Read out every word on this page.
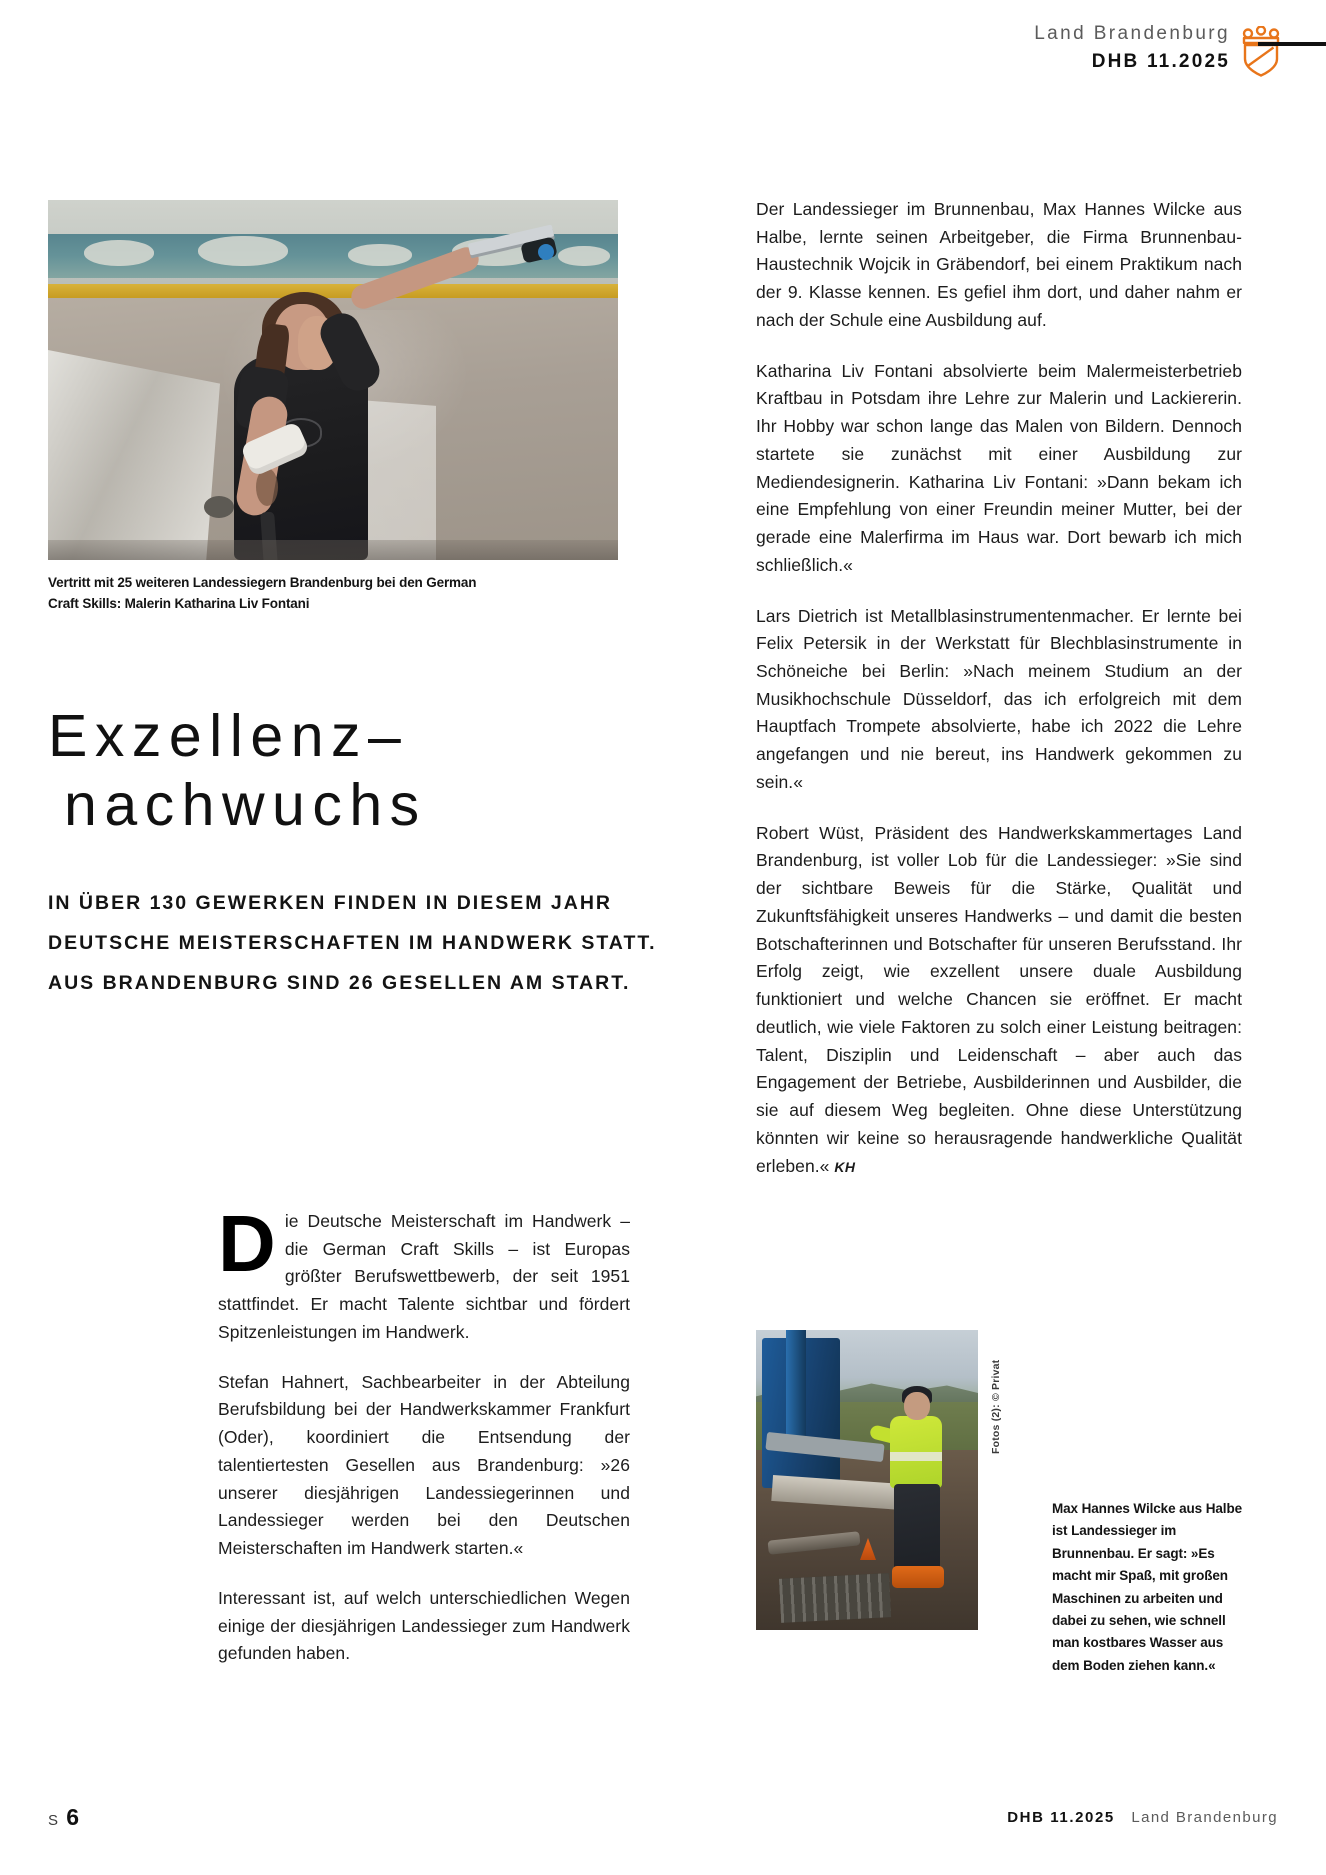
Land Brandenburg
DHB 11.2025
Vertritt mit 25 weiteren Landessiegern Brandenburg bei den German Craft Skills: Malerin Katharina Liv Fontani
Exzellenz–
nachwuchs
IN ÜBER 130 GEWERKEN FINDEN IN DIESEM JAHR
DEUTSCHE MEISTERSCHAFTEN IM HANDWERK STATT.
AUS BRANDENBURG SIND 26 GESELLEN AM START.

Die Deutsche Meisterschaft im Handwerk – die German Craft Skills – ist Europas größter Berufswettbewerb, der seit 1951 stattfindet. Er macht Talente sichtbar und fördert Spitzenleistungen im Handwerk.

Stefan Hahnert, Sachbearbeiter in der Abteilung Berufsbildung bei der Handwerkskammer Frankfurt (Oder), koordiniert die Entsendung der talentiertesten Gesellen aus Brandenburg: »26 unserer diesjährigen Landessiegerinnen und Landessieger werden bei den Deutschen Meisterschaften im Handwerk starten.«

Interessant ist, auf welch unterschiedlichen Wegen einige der diesjährigen Landessieger zum Handwerk gefunden haben.

Der Landessieger im Brunnenbau, Max Hannes Wilcke aus Halbe, lernte seinen Arbeitgeber, die Firma Brunnenbau-Haustechnik Wojcik in Gräbendorf, bei einem Praktikum nach der 9. Klasse kennen. Es gefiel ihm dort, und daher nahm er nach der Schule eine Ausbildung auf.

Katharina Liv Fontani absolvierte beim Malermeisterbetrieb Kraftbau in Potsdam ihre Lehre zur Malerin und Lackiererin. Ihr Hobby war schon lange das Malen von Bildern. Dennoch startete sie zunächst mit einer Ausbildung zur Mediendesignerin. Katharina Liv Fontani: »Dann bekam ich eine Empfehlung von einer Freundin meiner Mutter, bei der gerade eine Malerfirma im Haus war. Dort bewarb ich mich schließlich.«

Lars Dietrich ist Metallblasinstrumentenmacher. Er lernte bei Felix Petersik in der Werkstatt für Blechblasinstrumente in Schöneiche bei Berlin: »Nach meinem Studium an der Musikhochschule Düsseldorf, das ich erfolgreich mit dem Hauptfach Trompete absolvierte, habe ich 2022 die Lehre angefangen und nie bereut, ins Handwerk gekommen zu sein.«

Robert Wüst, Präsident des Handwerkskammertages Land Brandenburg, ist voller Lob für die Landessieger: »Sie sind der sichtbare Beweis für die Stärke, Qualität und Zukunftsfähigkeit unseres Handwerks – und damit die besten Botschafterinnen und Botschafter für unseren Berufsstand. Ihr Erfolg zeigt, wie exzellent unsere duale Ausbildung funktioniert und welche Chancen sie eröffnet. Er macht deutlich, wie viele Faktoren zu solch einer Leistung beitragen: Talent, Disziplin und Leidenschaft – aber auch das Engagement der Betriebe, Ausbilderinnen und Ausbilder, die sie auf diesem Weg begleiten. Ohne diese Unterstützung könnten wir keine so herausragende handwerkliche Qualität erleben.« KH

Fotos (2): © Privat
Max Hannes Wilcke aus Halbe ist Landessieger im Brunnenbau. Er sagt: »Es macht mir Spaß, mit großen Maschinen zu arbeiten und dabei zu sehen, wie schnell man kostbares Wasser aus dem Boden ziehen kann.«
S 6	DHB 11.2025 Land Brandenburg
